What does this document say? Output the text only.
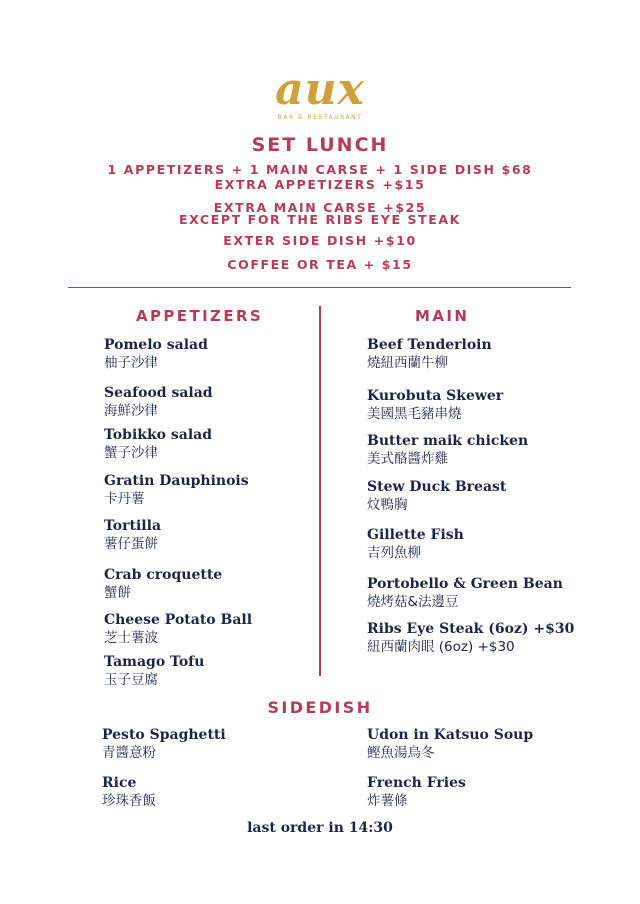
aux
BAR & RESTAURANT
SET LUNCH
1 APPETIZERS + 1 MAIN CARSE + 1 SIDE DISH $68
EXTRA APPETIZERS +$15
EXTRA MAIN CARSE +$25
EXCEPT FOR THE RIBS EYE STEAK
EXTER SIDE DISH +$10
COFFEE OR TEA + $15
APPETIZERS	MAIN
Pomelo salad
柚子沙律
Seafood salad
海鮮沙律
Tobikko salad
蟹子沙律
Gratin Dauphinois
卡丹薯
Tortilla
薯仔蛋餅
Crab croquette
蟹餅
Cheese Potato Ball
芝士薯波
Tamago Tofu
玉子豆腐
Beef Tenderloin
燒紐西蘭牛柳
Kurobuta Skewer
美國黑毛豬串燒
Butter maik chicken
美式酪醬炸雞
Stew Duck Breast
炆鴨胸
Gillette Fish
吉列魚柳
Portobello & Green Bean
燒烤菇&法邊豆
Ribs Eye Steak (6oz) +$30
紐西蘭肉眼 (6oz) +$30
SIDEDISH
Pesto Spaghetti
青醬意粉
Udon in Katsuo Soup
鰹魚湯烏冬
Rice
珍珠香飯
French Fries
炸薯條
last order in 14:30
